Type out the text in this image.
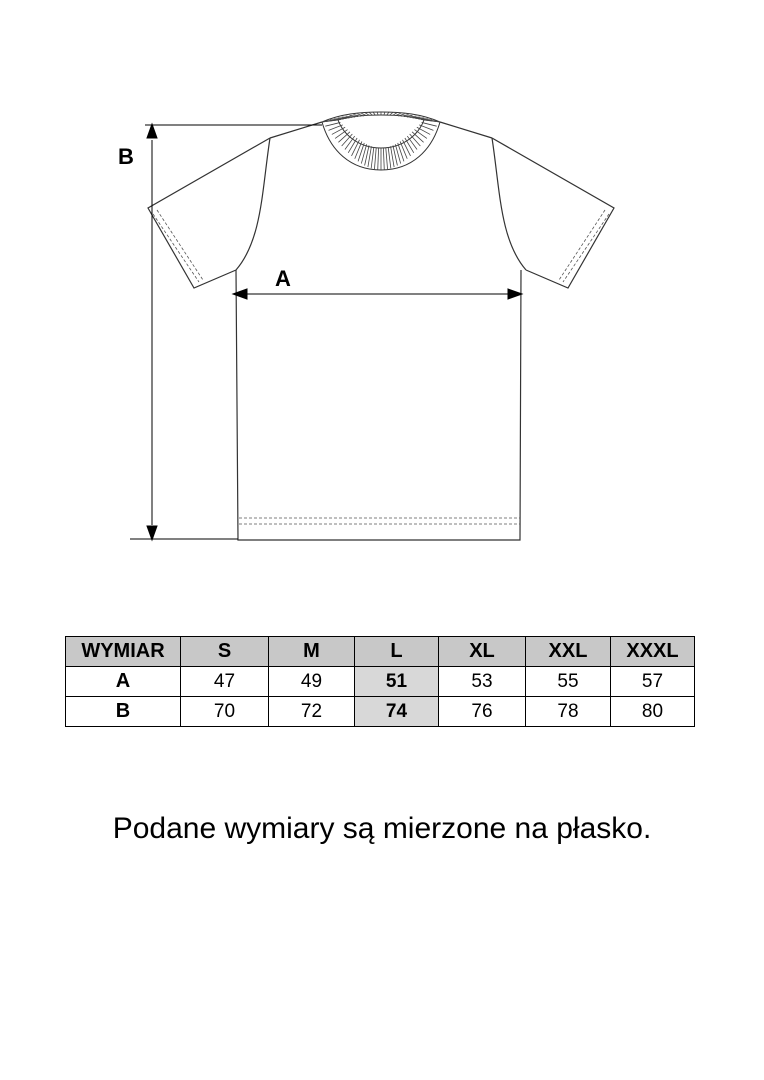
B
A
WYMIAR	S	M	L	XL	XXL	XXXL
A	47	49	51	53	55	57
B	70	72	74	76	78	80
Podane wymiary są mierzone na płasko.
